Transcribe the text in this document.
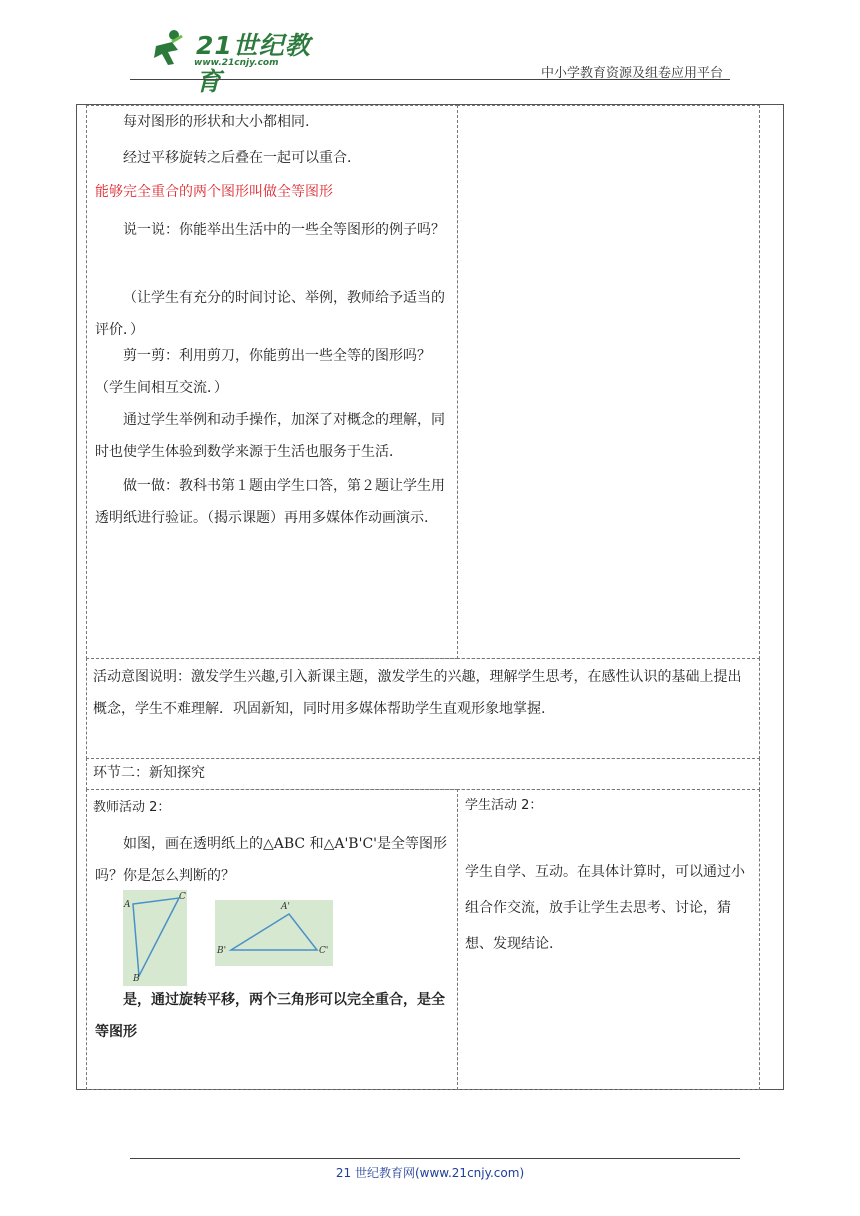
21世纪教育
www.21cnjy.com
中小学教育资源及组卷应用平台

每对图形的形状和大小都相同.

经过平移旋转之后叠在一起可以重合.

能够完全重合的两个图形叫做全等图形

说一说：你能举出生活中的一些全等图形的例子吗？

（让学生有充分的时间讨论、举例，教师给予适当的评价．）

剪一剪：利用剪刀，你能剪出一些全等的图形吗？（学生间相互交流．）

通过学生举例和动手操作，加深了对概念的理解，同时也使学生体验到数学来源于生活也服务于生活．

做一做：教科书第１题由学生口答，第２题让学生用透明纸进行验证。（揭示课题）再用多媒体作动画演示.

活动意图说明：激发学生兴趣,引入新课主题，激发学生的兴趣，理解学生思考，在感性认识的基础上提出概念，学生不难理解．巩固新知，同时用多媒体帮助学生直观形象地掌握.

环节二：新知探究

教师活动 2：

如图，画在透明纸上的△ABC 和△A'B'C'是全等图形吗？你是怎么判断的？

A
C
B
A'
B'	C'

是，通过旋转平移，两个三角形可以完全重合，是全等图形

学生活动 2：

学生自学、互动。在具体计算时，可以通过小组合作交流，放手让学生去思考、讨论，猜想、发现结论.

21 世纪教育网(www.21cnjy.com)
